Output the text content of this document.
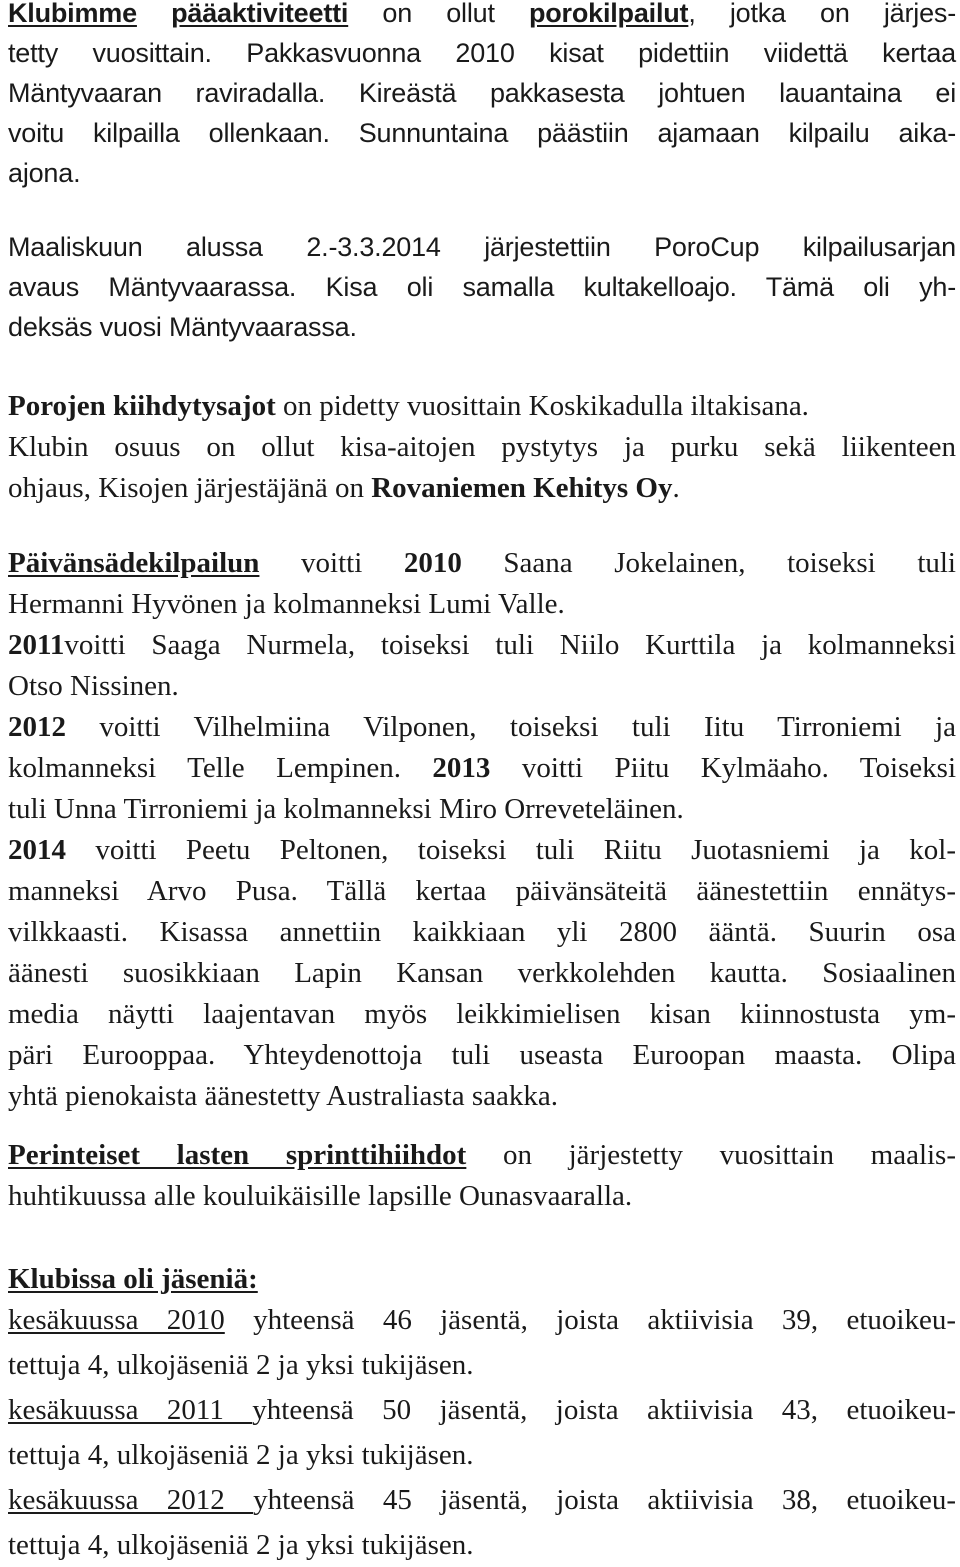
Klubimme pääaktiviteetti on ollut porokilpailut, jotka on järjes-
tetty vuosittain. Pakkasvuonna 2010 kisat pidettiin viidettä kertaa
Mäntyvaaran raviradalla. Kireästä pakkasesta johtuen lauantaina ei
voitu kilpailla ollenkaan. Sunnuntaina päästiin ajamaan kilpailu aika-
ajona.
Maaliskuun alussa 2.-3.3.2014 järjestettiin PoroCup kilpailusarjan
avaus Mäntyvaarassa. Kisa oli samalla kultakelloajo. Tämä oli yh-
deksäs vuosi Mäntyvaarassa.
Porojen kiihdytysajot on pidetty vuosittain Koskikadulla iltakisana.
Klubin osuus on ollut kisa-aitojen pystytys ja purku sekä liikenteen
ohjaus, Kisojen järjestäjänä on Rovaniemen Kehitys Oy.
Päivänsädekilpailun voitti 2010 Saana Jokelainen, toiseksi tuli
Hermanni Hyvönen ja kolmanneksi Lumi Valle.
2011voitti Saaga Nurmela, toiseksi tuli Niilo Kurttila ja kolmanneksi
Otso Nissinen.
2012 voitti Vilhelmiina Vilponen, toiseksi tuli Iitu Tirroniemi ja
kolmanneksi Telle Lempinen. 2013 voitti Piitu Kylmäaho. Toiseksi
tuli Unna Tirroniemi ja kolmanneksi Miro Orreveteläinen.
2014 voitti Peetu Peltonen, toiseksi tuli Riitu Juotasniemi ja kol-
manneksi Arvo Pusa. Tällä kertaa päivänsäteitä äänestettiin ennätys-
vilkkaasti. Kisassa annettiin kaikkiaan yli 2800 ääntä. Suurin osa
äänesti suosikkiaan Lapin Kansan verkkolehden kautta. Sosiaalinen
media näytti laajentavan myös leikkimielisen kisan kiinnostusta ym-
päri Eurooppaa. Yhteydenottoja tuli useasta Euroopan maasta. Olipa
yhtä pienokaista äänestetty Australiasta saakka.
Perinteiset lasten sprinttihiihdot on järjestetty vuosittain maalis-
huhtikuussa alle kouluikäisille lapsille Ounasvaaralla.
Klubissa oli jäseniä:
kesäkuussa 2010 yhteensä 46 jäsentä, joista aktiivisia 39, etuoikeu-
tettuja 4, ulkojäseniä 2 ja yksi tukijäsen.
kesäkuussa 2011 yhteensä 50 jäsentä, joista aktiivisia 43, etuoikeu-
tettuja 4, ulkojäseniä 2 ja yksi tukijäsen.
kesäkuussa 2012 yhteensä 45 jäsentä, joista aktiivisia 38, etuoikeu-
tettuja 4, ulkojäseniä 2 ja yksi tukijäsen.
